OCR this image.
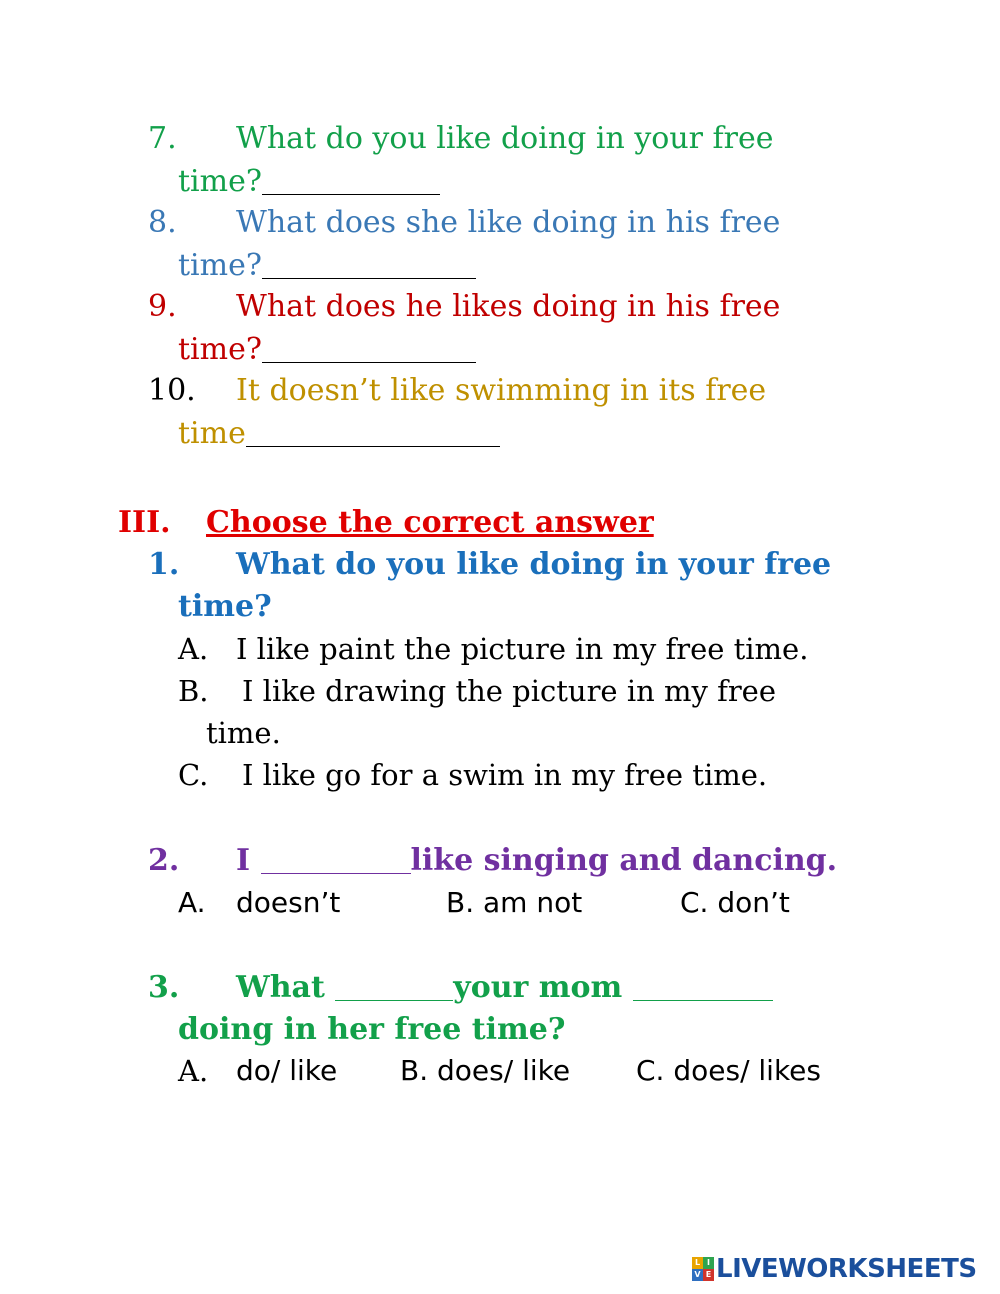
7. What do you like doing in your free
time?
8. What does she like doing in his free
time?
9. What does he likes doing in his free
time?
10. It doesn’t like swimming in its free
time
III. Choose the correct answer
1. What do you like doing in your free
time?
A. I like paint the picture in my free time.
B. I like drawing the picture in my free
time.
C. I like go for a swim in my free time.
2. I	like singing and dancing.
A. doesn’t	B. am not	C. don’t
3. What	your mom
doing in her free time?
A. do/ like B. does/ like C. does/ likes
L I
V E LIVEWORKSHEETS
